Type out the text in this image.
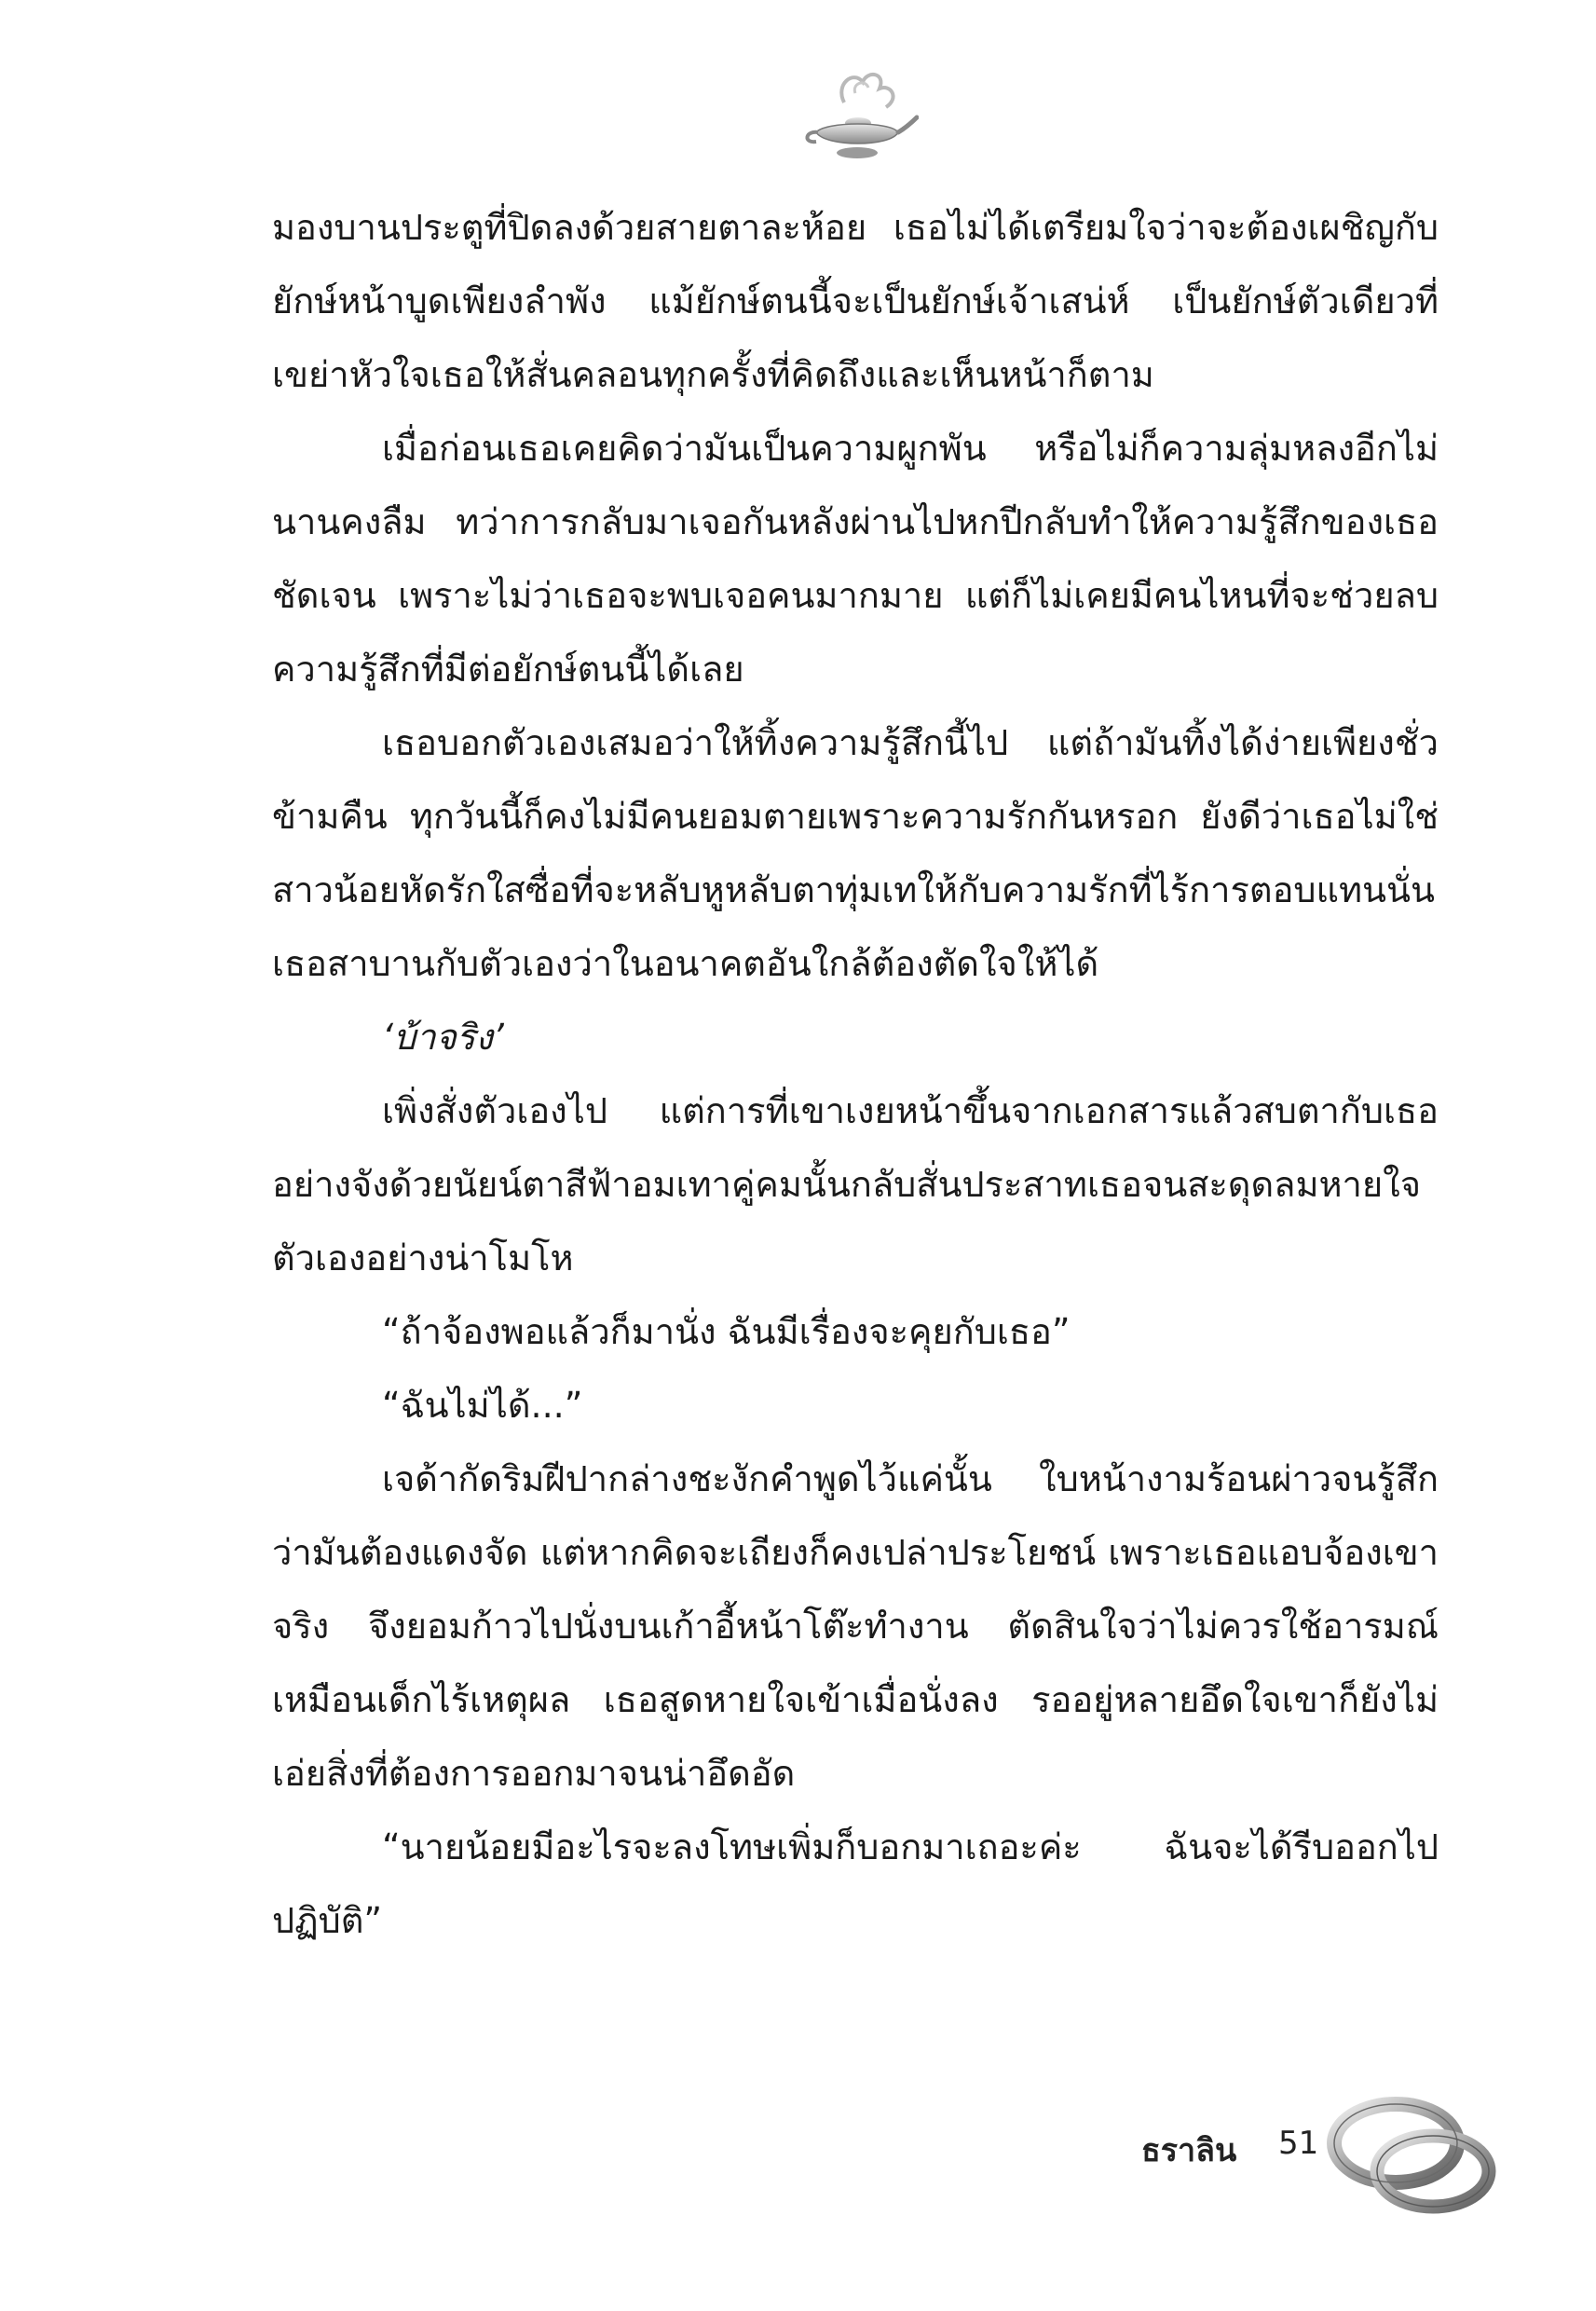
มองบานประตูที่ปิดลงด้วยสายตาละห้อย เธอไม่ได้เตรียมใจว่าจะต้องเผชิญกับยักษ์หน้าบูดเพียงลำพัง แม้ยักษ์ตนนี้จะเป็นยักษ์เจ้าเสน่ห์ เป็นยักษ์ตัวเดียวที่เขย่าหัวใจเธอให้สั่นคลอนทุกครั้งที่คิดถึงและเห็นหน้าก็ตาม

เมื่อก่อนเธอเคยคิดว่ามันเป็นความผูกพัน หรือไม่ก็ความลุ่มหลงอีกไม่นานคงลืม ทว่าการกลับมาเจอกันหลังผ่านไปหกปีกลับทำให้ความรู้สึกของเธอชัดเจน เพราะไม่ว่าเธอจะพบเจอคนมากมาย แต่ก็ไม่เคยมีคนไหนที่จะช่วยลบความรู้สึกที่มีต่อยักษ์ตนนี้ได้เลย

เธอบอกตัวเองเสมอว่าให้ทิ้งความรู้สึกนี้ไป แต่ถ้ามันทิ้งได้ง่ายเพียงชั่วข้ามคืน ทุกวันนี้ก็คงไม่มีคนยอมตายเพราะความรักกันหรอก ยังดีว่าเธอไม่ใช่สาวน้อยหัดรักใสซื่อที่จะหลับหูหลับตาทุ่มเทให้กับความรักที่ไร้การตอบแทนนั่น เธอสาบานกับตัวเองว่าในอนาคตอันใกล้ต้องตัดใจให้ได้

‘บ้าจริง’

เพิ่งสั่งตัวเองไป แต่การที่เขาเงยหน้าขึ้นจากเอกสารแล้วสบตากับเธออย่างจังด้วยนัยน์ตาสีฟ้าอมเทาคู่คมนั้นกลับสั่นประสาทเธอจนสะดุดลมหายใจตัวเองอย่างน่าโมโห

“ถ้าจ้องพอแล้วก็มานั่ง ฉันมีเรื่องจะคุยกับเธอ”

“ฉันไม่ได้...”

เจด้ากัดริมฝีปากล่างชะงักคำพูดไว้แค่นั้น ใบหน้างามร้อนผ่าวจนรู้สึกว่ามันต้องแดงจัด แต่หากคิดจะเถียงก็คงเปล่าประโยชน์ เพราะเธอแอบจ้องเขาจริง จึงยอมก้าวไปนั่งบนเก้าอี้หน้าโต๊ะทำงาน ตัดสินใจว่าไม่ควรใช้อารมณ์เหมือนเด็กไร้เหตุผล เธอสูดหายใจเข้าเมื่อนั่งลง รออยู่หลายอึดใจเขาก็ยังไม่เอ่ยสิ่งที่ต้องการออกมาจนน่าอึดอัด

“นายน้อยมีอะไรจะลงโทษเพิ่มก็บอกมาเถอะค่ะ ฉันจะได้รีบออกไปปฏิบัติ”

ธราลิน 51
